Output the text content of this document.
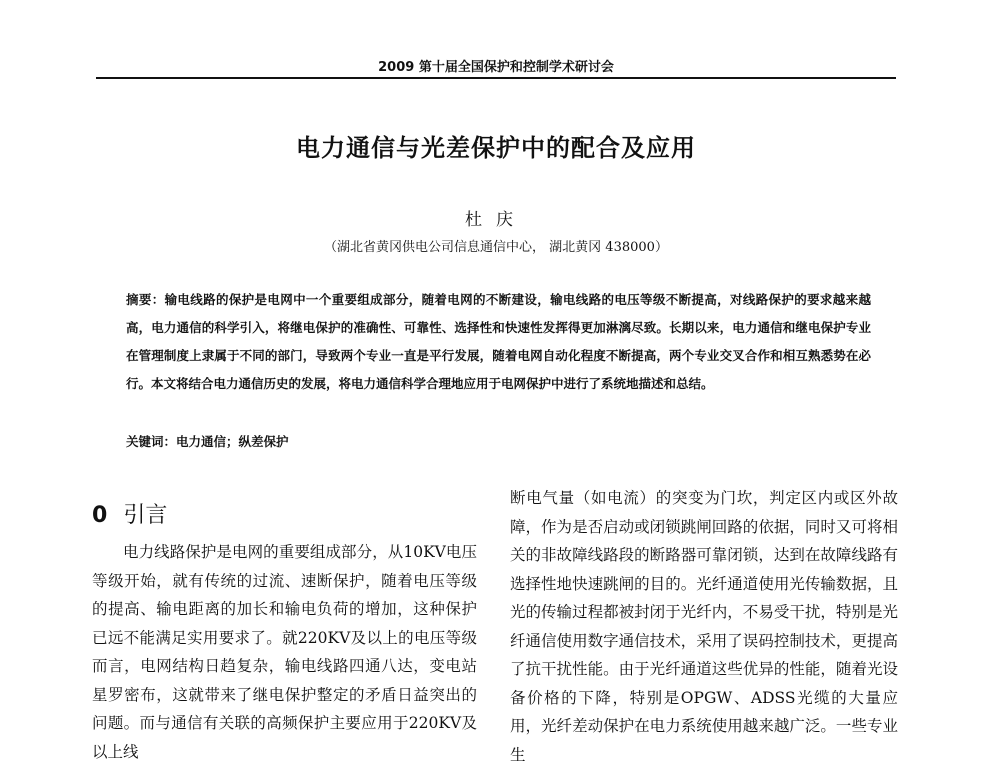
2009 第十届全国保护和控制学术研讨会
电力通信与光差保护中的配合及应用
杜庆
（湖北省黄冈供电公司信息通信中心， 湖北黄冈 438000）
摘要：输电线路的保护是电网中一个重要组成部分，随着电网的不断建设，输电线路的电压等级不断提高，对线路保护的要求越来越高，电力通信的科学引入，将继电保护的准确性、可靠性、选择性和快速性发挥得更加淋漓尽致。长期以来，电力通信和继电保护专业在管理制度上隶属于不同的部门，导致两个专业一直是平行发展，随着电网自动化程度不断提高，两个专业交叉合作和相互熟悉势在必行。本文将结合电力通信历史的发展，将电力通信科学合理地应用于电网保护中进行了系统地描述和总结。
关键词：电力通信；纵差保护
0 引言

电力线路保护是电网的重要组成部分，从10KV电压等级开始，就有传统的过流、速断保护，随着电压等级的提高、输电距离的加长和输电负荷的增加，这种保护已远不能满足实用要求了。就220KV及以上的电压等级而言，电网结构日趋复杂，输电线路四通八达，变电站星罗密布，这就带来了继电保护整定的矛盾日益突出的问题。而与通信有关联的高频保护主要应用于220KV及以上线

断电气量（如电流）的突变为门坎，判定区内或区外故障，作为是否启动或闭锁跳闸回路的依据，同时又可将相关的非故障线路段的断路器可靠闭锁，达到在故障线路有选择性地快速跳闸的目的。光纤通道使用光传输数据，且光的传输过程都被封闭于光纤内，不易受干扰，特别是光纤通信使用数字通信技术，采用了误码控制技术，更提高了抗干扰性能。由于光纤通道这些优异的性能，随着光设备价格的下降，特别是OPGW、ADSS光缆的大量应用，光纤差动保护在电力系统使用越来越广泛。一些专业生
